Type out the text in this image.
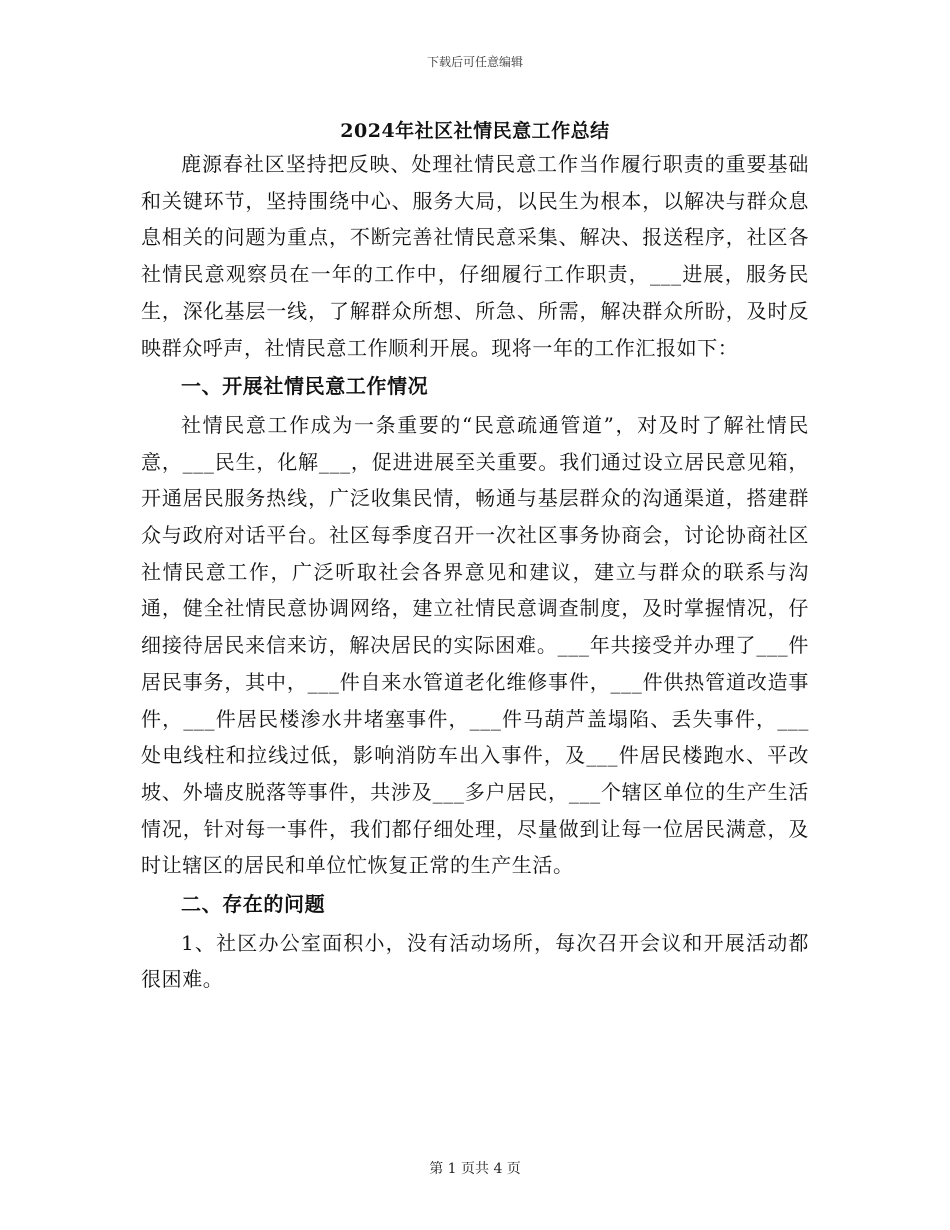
下载后可任意编辑
2024年社区社情民意工作总结

鹿源春社区坚持把反映、处理社情民意工作当作履行职责的重要基础和关键环节，坚持围绕中心、服务大局，以民生为根本，以解决与群众息息相关的问题为重点，不断完善社情民意采集、解决、报送程序，社区各社情民意观察员在一年的工作中，仔细履行工作职责，___进展，服务民生，深化基层一线，了解群众所想、所急、所需，解决群众所盼，及时反映群众呼声，社情民意工作顺利开展。现将一年的工作汇报如下：

一、开展社情民意工作情况

社情民意工作成为一条重要的“民意疏通管道”，对及时了解社情民意，___民生，化解___，促进进展至关重要。我们通过设立居民意见箱，开通居民服务热线，广泛收集民情，畅通与基层群众的沟通渠道，搭建群众与政府对话平台。社区每季度召开一次社区事务协商会，讨论协商社区社情民意工作，广泛听取社会各界意见和建议，建立与群众的联系与沟通，健全社情民意协调网络，建立社情民意调查制度，及时掌握情况，仔细接待居民来信来访，解决居民的实际困难。___年共接受并办理了___件居民事务，其中，___件自来水管道老化维修事件，___件供热管道改造事件，___件居民楼渗水井堵塞事件，___件马葫芦盖塌陷、丢失事件，___处电线柱和拉线过低，影响消防车出入事件，及___件居民楼跑水、平改坡、外墙皮脱落等事件，共涉及___多户居民，___个辖区单位的生产生活情况，针对每一事件，我们都仔细处理，尽量做到让每一位居民满意，及时让辖区的居民和单位忙恢复正常的生产生活。

二、存在的问题

1、社区办公室面积小，没有活动场所，每次召开会议和开展活动都很困难。

第 1 页共 4 页
